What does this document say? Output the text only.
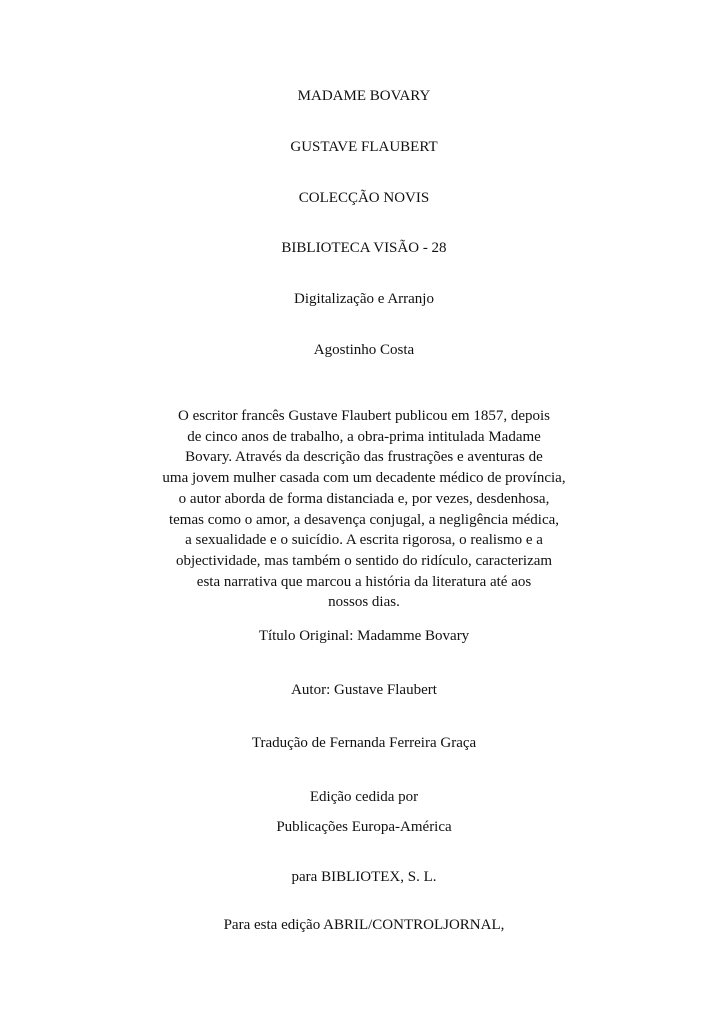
MADAME BOVARY
GUSTAVE FLAUBERT
COLECÇÃO NOVIS
BIBLIOTECA VISÃO - 28
Digitalização e Arranjo
Agostinho Costa
O escritor francês Gustave Flaubert publicou em 1857, depois
de cinco anos de trabalho, a obra-prima intitulada Madame
Bovary. Através da descrição das frustrações e aventuras de
uma jovem mulher casada com um decadente médico de província,
o autor aborda de forma distanciada e, por vezes, desdenhosa,
temas como o amor, a desavença conjugal, a negligência médica,
a sexualidade e o suicídio. A escrita rigorosa, o realismo e a
objectividade, mas também o sentido do ridículo, caracterizam
esta narrativa que marcou a história da literatura até aos
nossos dias.
Título Original: Madamme Bovary
Autor: Gustave Flaubert
Tradução de Fernanda Ferreira Graça
Edição cedida por
Publicações Europa-América
para BIBLIOTEX, S. L.
Para esta edição ABRIL/CONTROLJORNAL,
